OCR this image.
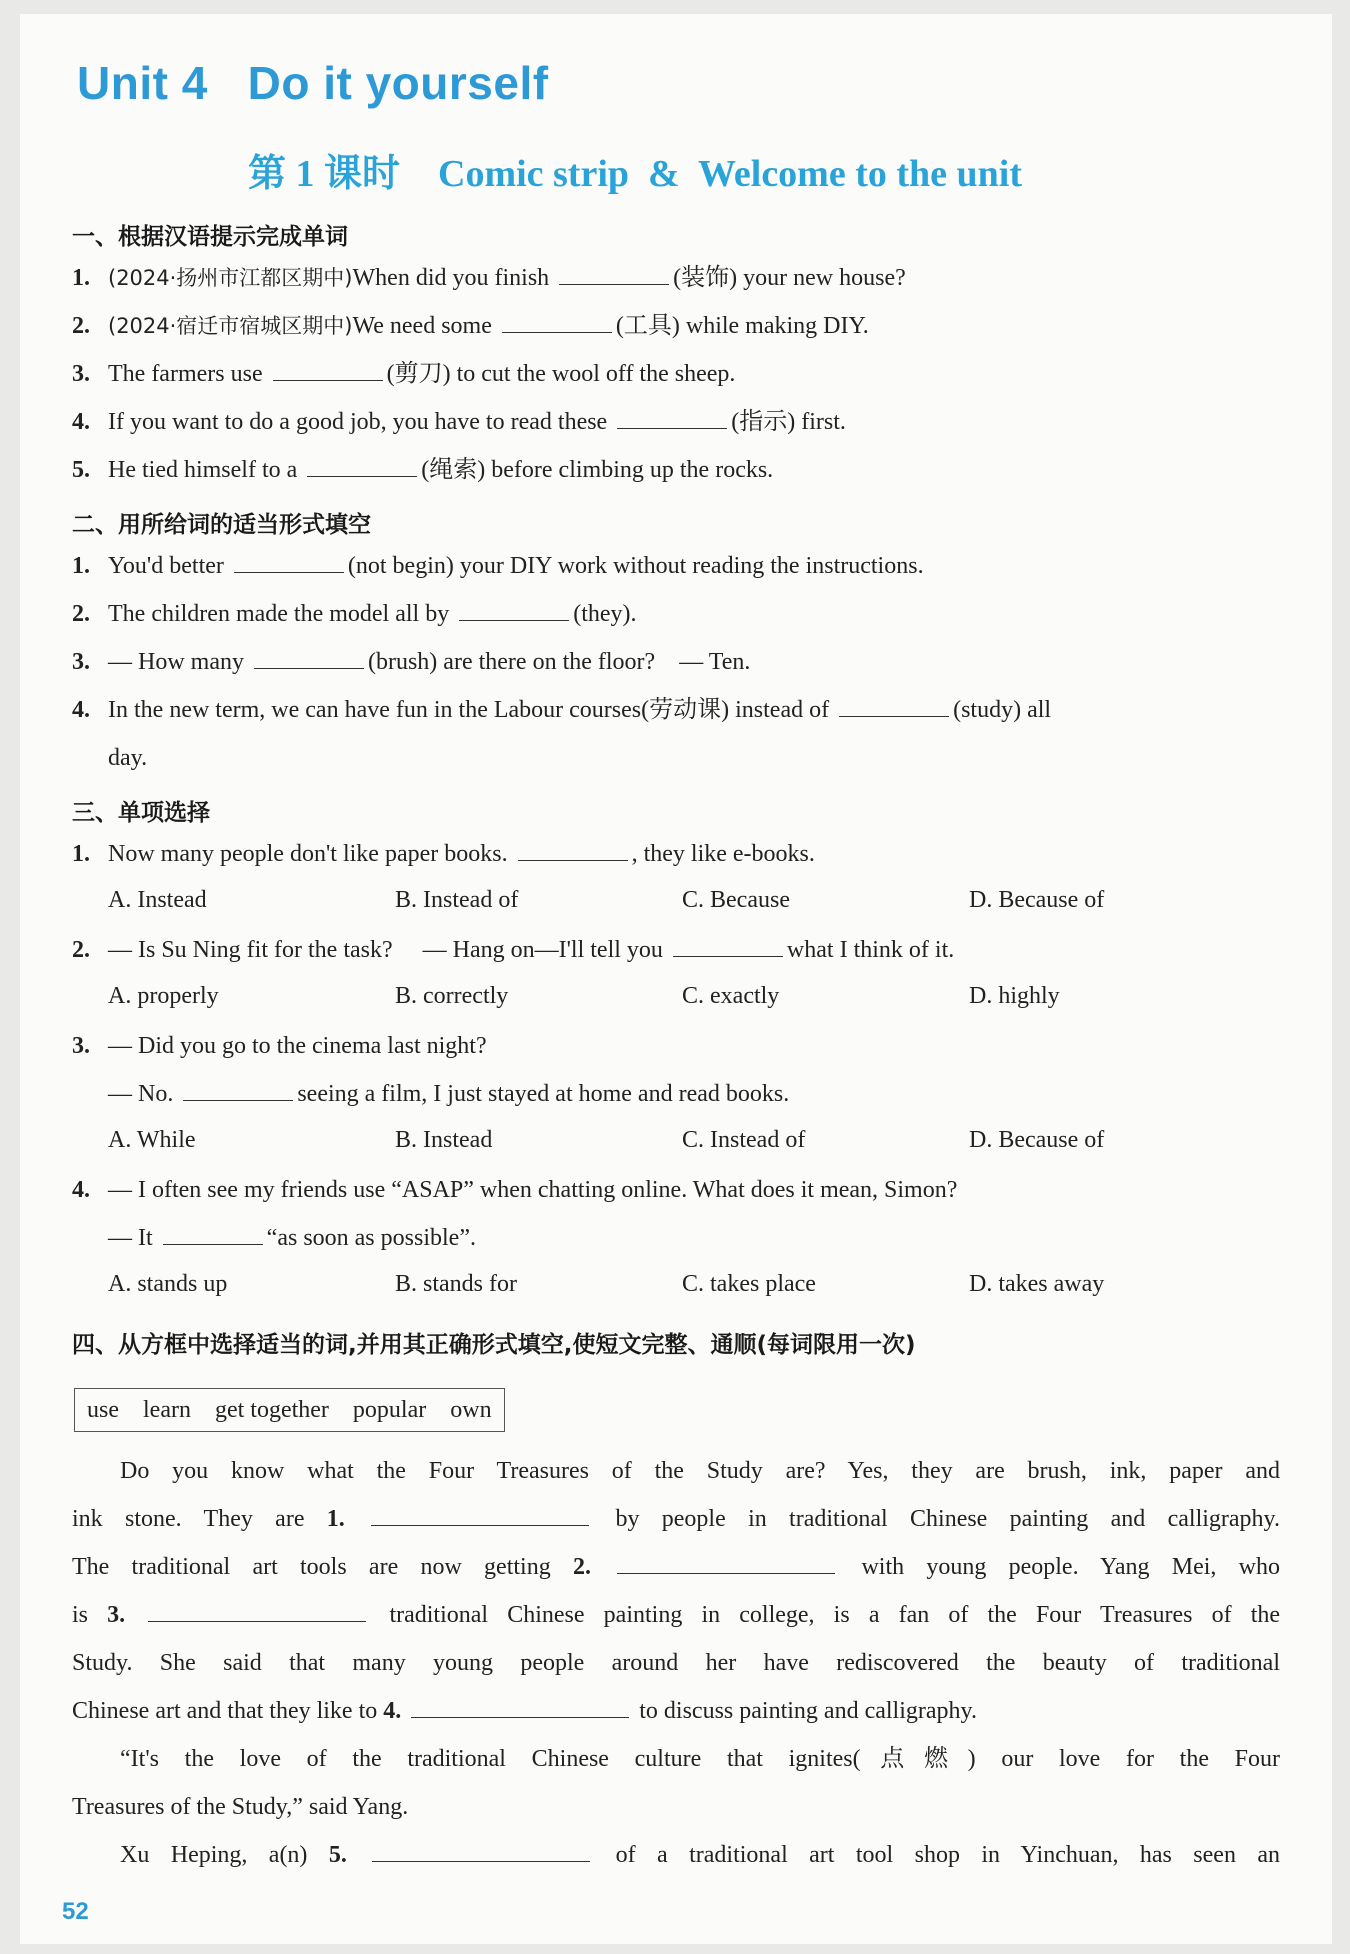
Unit 4   Do it yourself
第 1 课时    Comic strip  &  Welcome to the unit
一、根据汉语提示完成单词
1. (2024·扬州市江都区期中)When did you finish	(装饰) your new house?
2. (2024·宿迁市宿城区期中)We need some	(工具) while making DIY.
3. The farmers use	(剪刀) to cut the wool off the sheep.
4. If you want to do a good job, you have to read these	(指示) first.
5. He tied himself to a	(绳索) before climbing up the rocks.
二、用所给词的适当形式填空
1. You'd better	(not begin) your DIY work without reading the instructions.
2. The children made the model all by	(they).
3. — How many	(brush) are there on the floor?    — Ten.
4. In the new term, we can have fun in the Labour courses(劳动课) instead of	(study) all
day.
三、单项选择
1. Now many people don't like paper books.	, they like e-books.
A. Instead	B. Instead of	C. Because	D. Because of
2. — Is Su Ning fit for the task?     — Hang on—I'll tell you	what I think of it.
A. properly	B. correctly	C. exactly	D. highly
3. — Did you go to the cinema last night?
— No.	seeing a film, I just stayed at home and read books.
A. While	B. Instead	C. Instead of	D. Because of
4. — I often see my friends use “ASAP” when chatting online. What does it mean, Simon?
— It	“as soon as possible”.
A. stands up	B. stands for	C. takes place	D. takes away
四、从方框中选择适当的词,并用其正确形式填空,使短文完整、通顺(每词限用一次)
use learn get together popular own
Do you know what the Four Treasures of the Study are? Yes, they are brush, ink, paper and
ink stone. They are 1.	by people in traditional Chinese painting and calligraphy.
The traditional art tools are now getting 2.	with young people. Yang Mei, who
is 3.	traditional Chinese painting in college, is a fan of the Four Treasures of the
Study. She said that many young people around her have rediscovered the beauty of traditional
Chinese art and that they like to 4.	to discuss painting and calligraphy.
“It's the love of the traditional Chinese culture that ignites(点燃) our love for the Four
Treasures of the Study,” said Yang.
Xu Heping, a(n) 5.	of a traditional art tool shop in Yinchuan, has seen an
52
